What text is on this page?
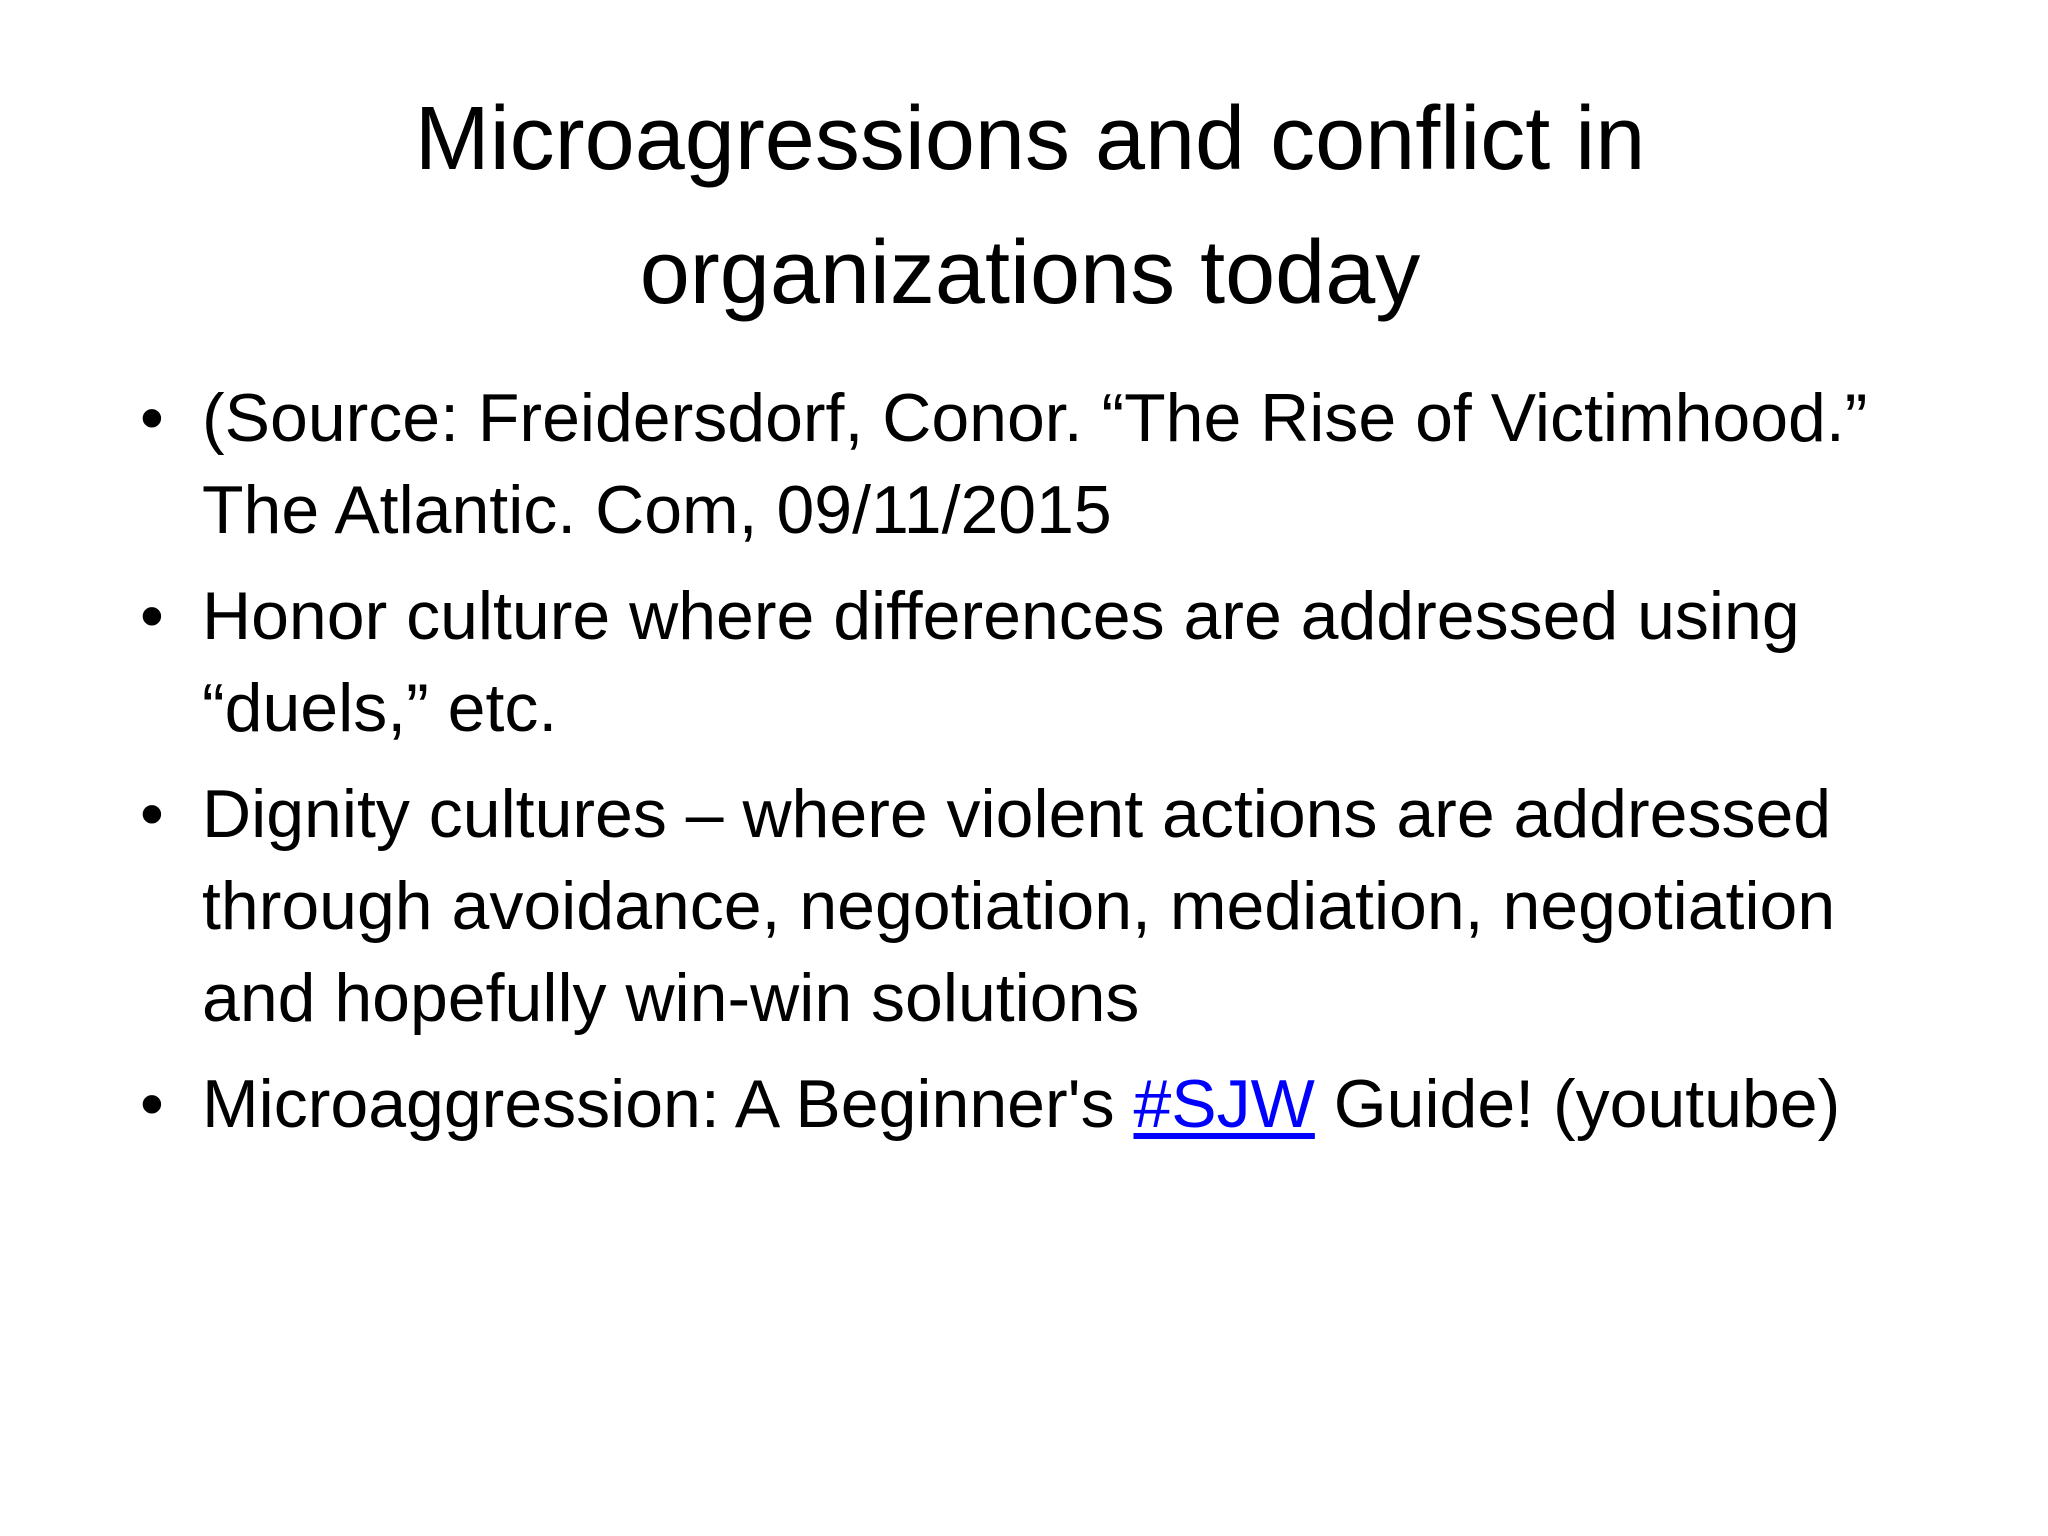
Microagressions and conflict in
organizations today
• (Source: Freidersdorf, Conor. “The Rise of Victimhood.” The Atlantic. Com, 09/11/2015
• Honor culture where differences are addressed using “duels,” etc.
• Dignity cultures – where violent actions are addressed through avoidance, negotiation, mediation, negotiation and hopefully win-win solutions
• Microaggression: A Beginner's #SJW Guide! (youtube)
